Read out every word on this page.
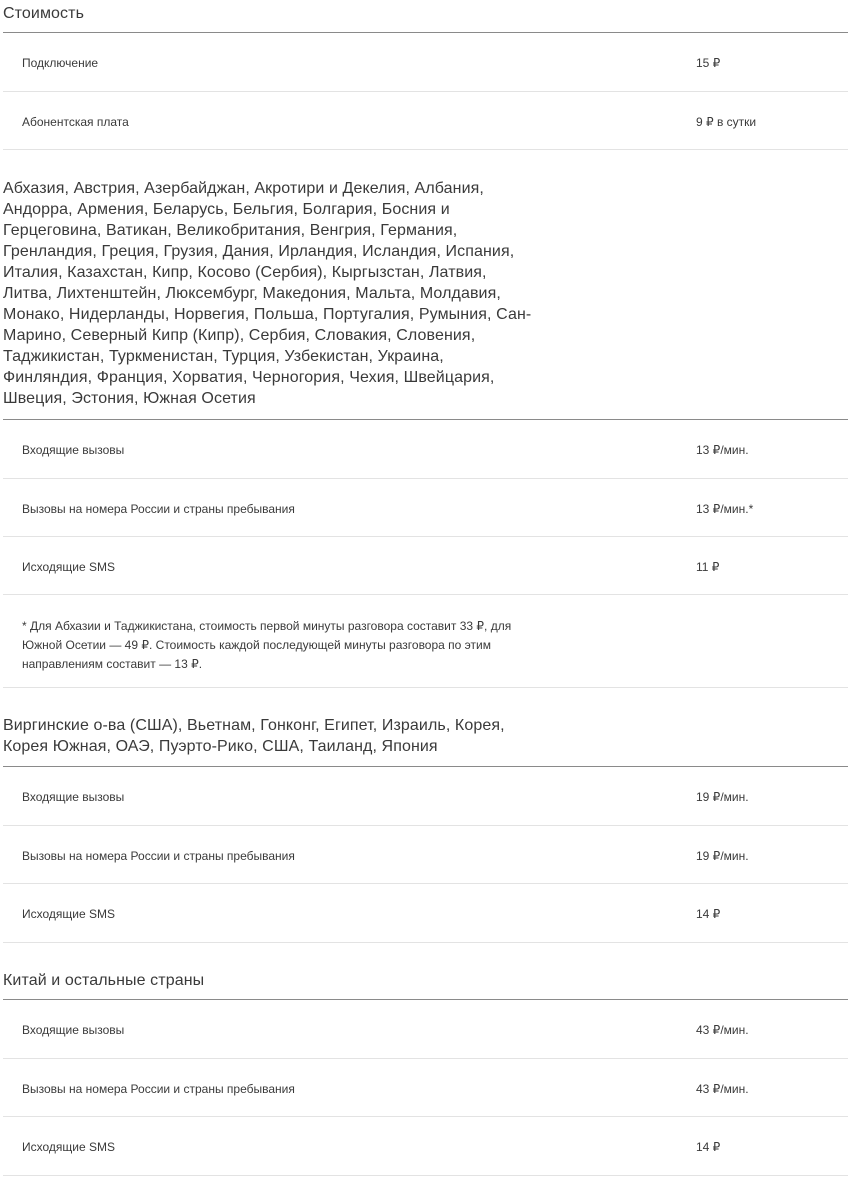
Стоимость
Подключение	15 ₽
Абонентская плата	9 ₽ в сутки
Абхазия, Австрия, Азербайджан, Акротири и Декелия, Албания, Андорра, Армения, Беларусь, Бельгия, Болгария, Босния и Герцеговина, Ватикан, Великобритания, Венгрия, Германия, Гренландия, Греция, Грузия, Дания, Ирландия, Исландия, Испания, Италия, Казахстан, Кипр, Косово (Сербия), Кыргызстан, Латвия, Литва, Лихтенштейн, Люксембург, Македония, Мальта, Молдавия, Монако, Нидерланды, Норвегия, Польша, Португалия, Румыния, Сан-Марино, Северный Кипр (Кипр), Сербия, Словакия, Словения, Таджикистан, Туркменистан, Турция, Узбекистан, Украина, Финляндия, Франция, Хорватия, Черногория, Чехия, Швейцария, Швеция, Эстония, Южная Осетия
Входящие вызовы	13 ₽/мин.
Вызовы на номера России и страны пребывания	13 ₽/мин.*
Исходящие SMS	11 ₽
* Для Абхазии и Таджикистана, стоимость первой минуты разговора составит 33 ₽, для Южной Осетии — 49 ₽. Стоимость каждой последующей минуты разговора по этим направлениям составит — 13 ₽.
Виргинские о-ва (США), Вьетнам, Гонконг, Египет, Израиль, Корея, Корея Южная, ОАЭ, Пуэрто-Рико, США, Таиланд, Япония
Входящие вызовы	19 ₽/мин.
Вызовы на номера России и страны пребывания	19 ₽/мин.
Исходящие SMS	14 ₽
Китай и остальные страны
Входящие вызовы	43 ₽/мин.
Вызовы на номера России и страны пребывания	43 ₽/мин.
Исходящие SMS	14 ₽
